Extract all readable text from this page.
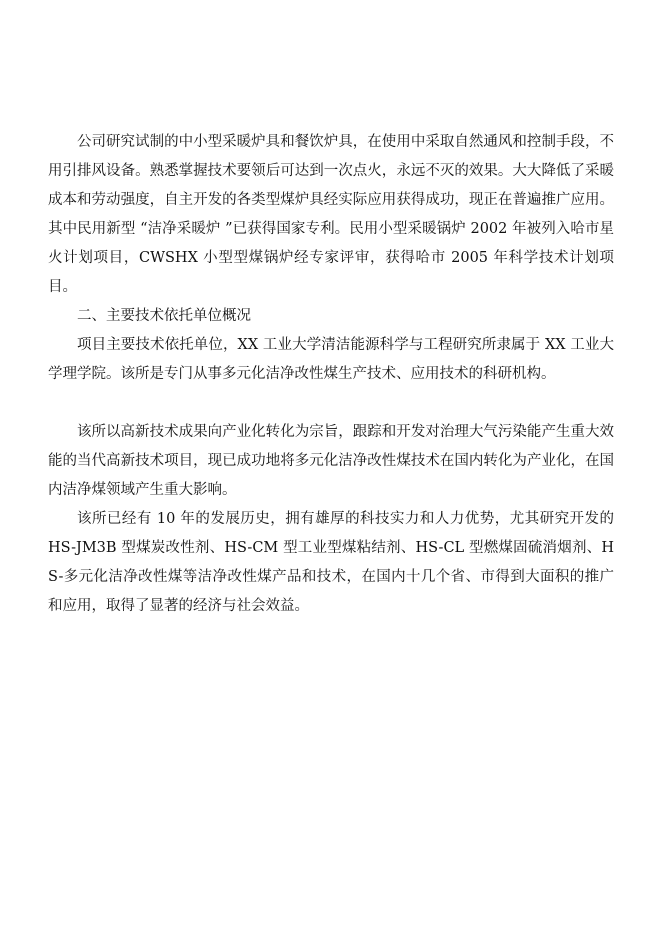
公司研究试制的中小型采暖炉具和餐饮炉具，在使用中采取自然通风和控制手段，不用引排风设备。熟悉掌握技术要领后可达到一次点火，永远不灭的效果。大大降低了采暖成本和劳动强度，自主开发的各类型煤炉具经实际应用获得成功，现正在普遍推广应用。其中民用新型 “洁净采暖炉 ”已获得国家专利。民用小型采暖锅炉 2002 年被列入哈市星火计划项目，CWSHX 小型型煤锅炉经专家评审，获得哈市 2005 年科学技术计划项目。

二、主要技术依托单位概况

项目主要技术依托单位，XX 工业大学清洁能源科学与工程研究所隶属于 XX 工业大学理学院。该所是专门从事多元化洁净改性煤生产技术、应用技术的科研机构。

该所以高新技术成果向产业化转化为宗旨，跟踪和开发对治理大气污染能产生重大效能的当代高新技术项目，现已成功地将多元化洁净改性煤技术在国内转化为产业化，在国内洁净煤领域产生重大影响。

该所已经有 10 年的发展历史，拥有雄厚的科技实力和人力优势，尤其研究开发的 HS-JM3B 型煤炭改性剂、HS-CM 型工业型煤粘结剂、HS-CL 型燃煤固硫消烟剂、HS-多元化洁净改性煤等洁净改性煤产品和技术，在国内十几个省、市得到大面积的推广和应用，取得了显著的经济与社会效益。
